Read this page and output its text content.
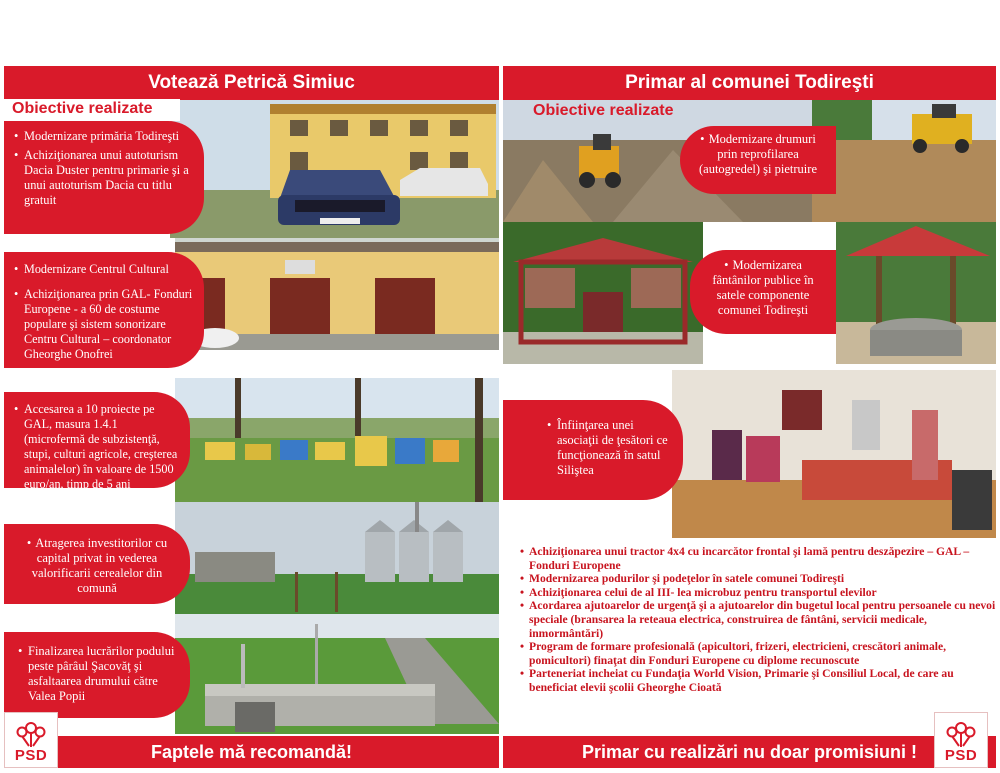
Votează Petrică Simiuc	Primar al comunei Todireşti
Obiective realizate	Obiective realizate
• Modernizare primăria Todireşti
• Achiziţionarea unui autoturism Dacia Duster pentru primarie şi a unui autoturism Dacia cu titlu gratuit
• Modernizare Centrul Cultural
• Achiziţionarea prin GAL- Fonduri Europene - a 60 de costume populare şi sistem sonorizare Centru Cultural – coordonator Gheorghe Onofrei
• Accesarea a 10 proiecte pe GAL, masura 1.4.1 (microfermă de subzistenţă, stupi, culturi agricole, creşterea animalelor) în valoare de 1500 euro/an, timp de 5 ani
• Atragerea investitorilor cu capital privat in vederea valorificarii cerealelor din comună
• Finalizarea lucrărilor podului peste pârâul Şacovăţ şi asfaltaarea drumului către Valea Popii
• Modernizare drumuri prin reprofilarea (autogredel) şi pietruire
• Modernizarea fântânilor publice în satele componente comunei Todireşti
• Înfiinţarea unei asociaţii de ţesători ce funcţionează în satul Siliştea
• Achiziţionarea unui tractor 4x4 cu incarcător frontal şi lamă pentru deszăpezire – GAL – Fonduri Europene
• Modernizarea podurilor şi podeţelor în satele comunei Todireşti
• Achiziţionarea celui de al III- lea microbuz pentru transportul elevilor
• Acordarea ajutoarelor de urgenţă şi a ajutoarelor din bugetul local pentru persoanele cu nevoi speciale (bransarea la reteaua electrica, construirea de fântâni, servicii medicale, inmormântări)
• Program de formare profesională (apicultori, frizeri, electricieni, crescători animale, pomicultori) finaţat din Fonduri Europene cu diplome recunoscute
• Parteneriat incheiat cu Fundaţia World Vision, Primarie şi Consiliul Local, de care au beneficiat elevii şcolii Gheorghe Cioată
Faptele mă recomandă!	Primar cu realizări nu doar promisiuni !
PSD	PSD
